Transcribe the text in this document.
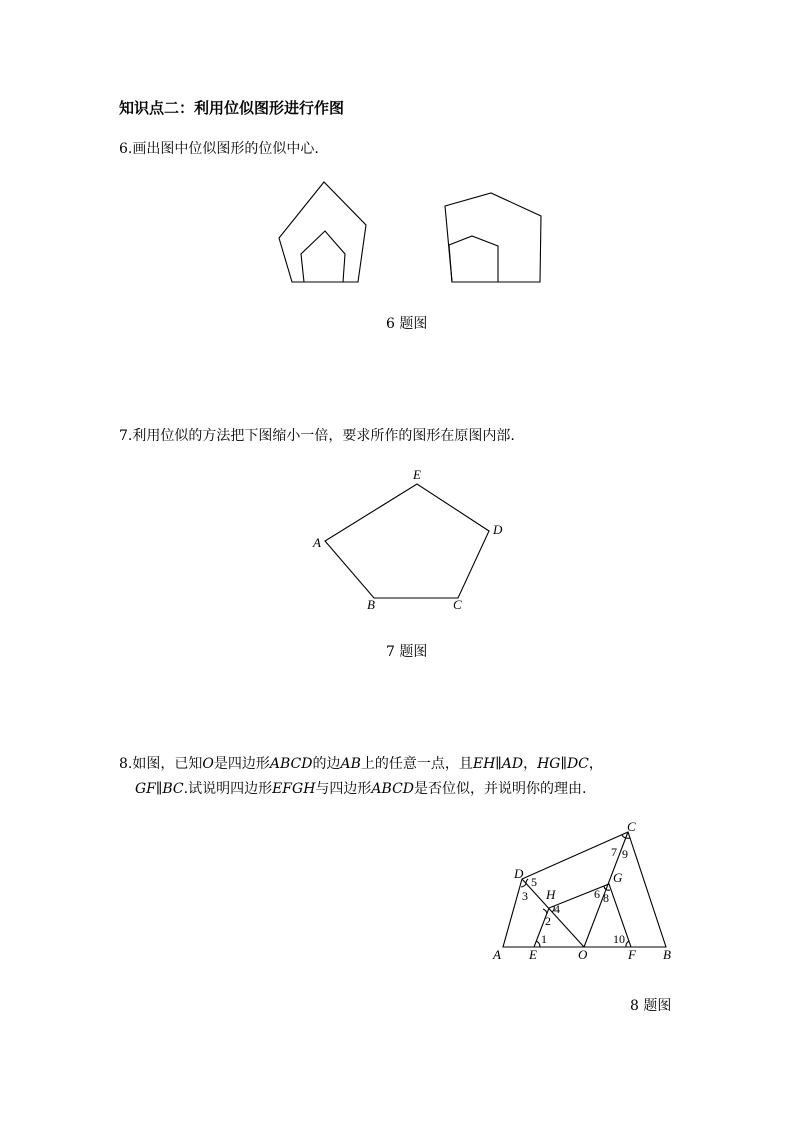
知识点二：利用位似图形进行作图
6.画出图中位似图形的位似中心.
6 题图
7.利用位似的方法把下图缩小一倍，要求所作的图形在原图内部.
7 题图
8.如图，已知O是四边形ABCD的边AB上的任意一点，且EH∥AD，HG∥DC，
GF∥BC.试说明四边形EFGH与四边形ABCD是否位似，并说明你的理由.
8 题图
A
B	C
D
E
A	B
C
D
E	F
G
H
O
1
2
3
4
5
6
7
8
9
10
